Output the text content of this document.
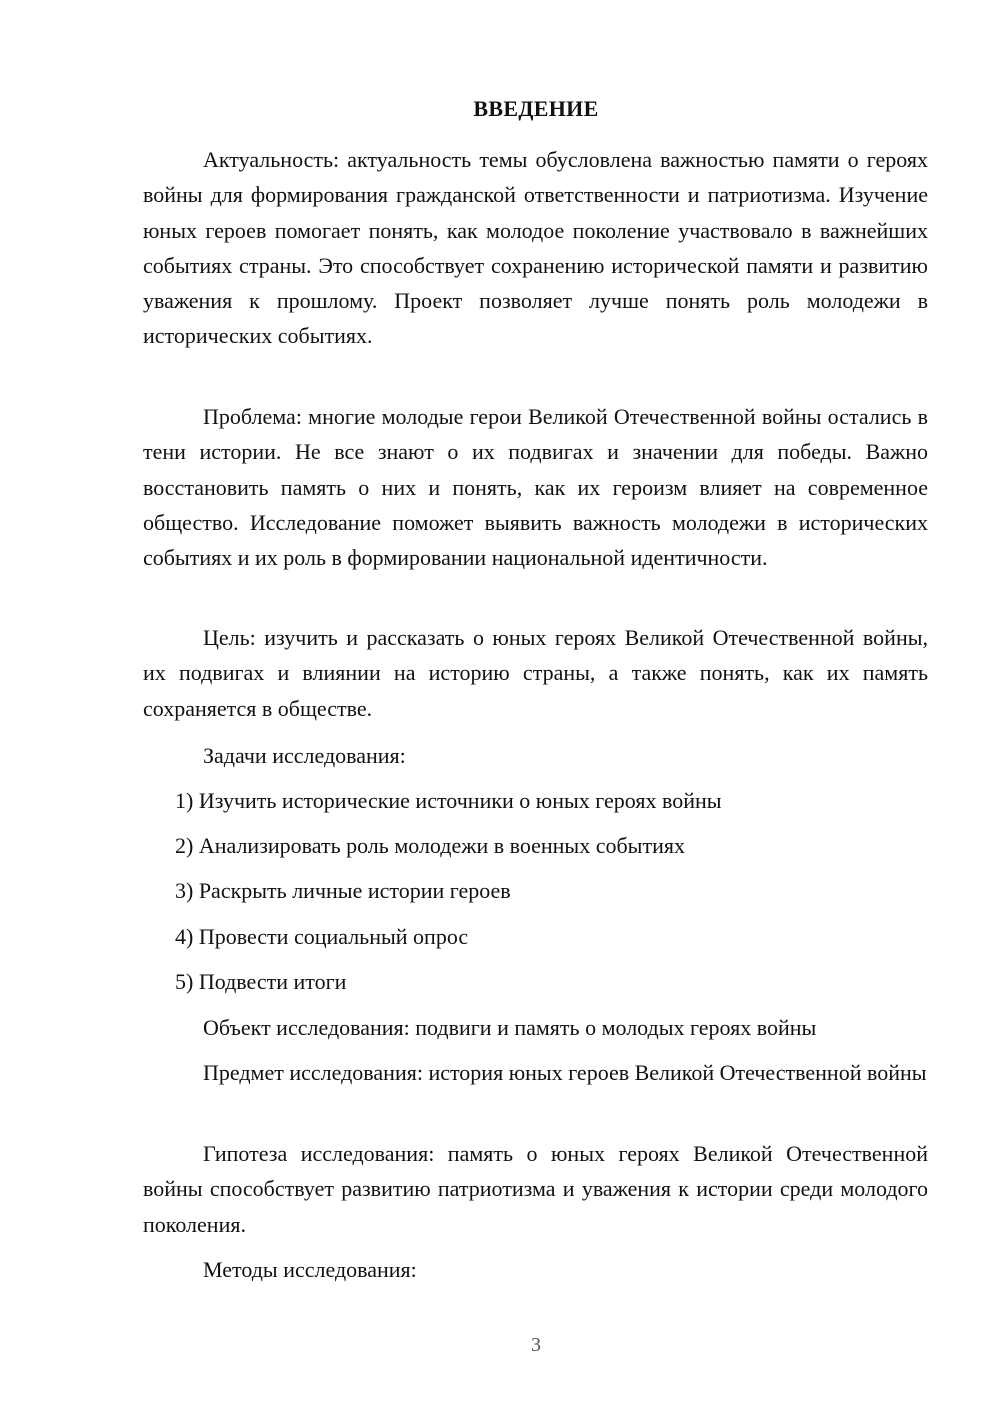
ВВЕДЕНИЕ

Актуальность: актуальность темы обусловлена важностью памяти о героях войны для формирования гражданской ответственности и патриотизма. Изучение юных героев помогает понять, как молодое поколение участвовало в важнейших событиях страны. Это способствует сохранению исторической памяти и развитию уважения к прошлому. Проект позволяет лучше понять роль молодежи в исторических событиях.

Проблема: многие молодые герои Великой Отечественной войны остались в тени истории. Не все знают о их подвигах и значении для победы. Важно восстановить память о них и понять, как их героизм влияет на современное общество. Исследование поможет выявить важность молодежи в исторических событиях и их роль в формировании национальной идентичности.

Цель: изучить и рассказать о юных героях Великой Отечественной войны, их подвигах и влиянии на историю страны, а также понять, как их память сохраняется в обществе.

Задачи исследования:

1) Изучить исторические источники о юных героях войны

2) Анализировать роль молодежи в военных событиях

3) Раскрыть личные истории героев

4) Провести социальный опрос

5) Подвести итоги

Объект исследования: подвиги и память о молодых героях войны

Предмет исследования: история юных героев Великой Отечественной войны

Гипотеза исследования: память о юных героях Великой Отечественной войны способствует развитию патриотизма и уважения к истории среди молодого поколения.

Методы исследования:

3
